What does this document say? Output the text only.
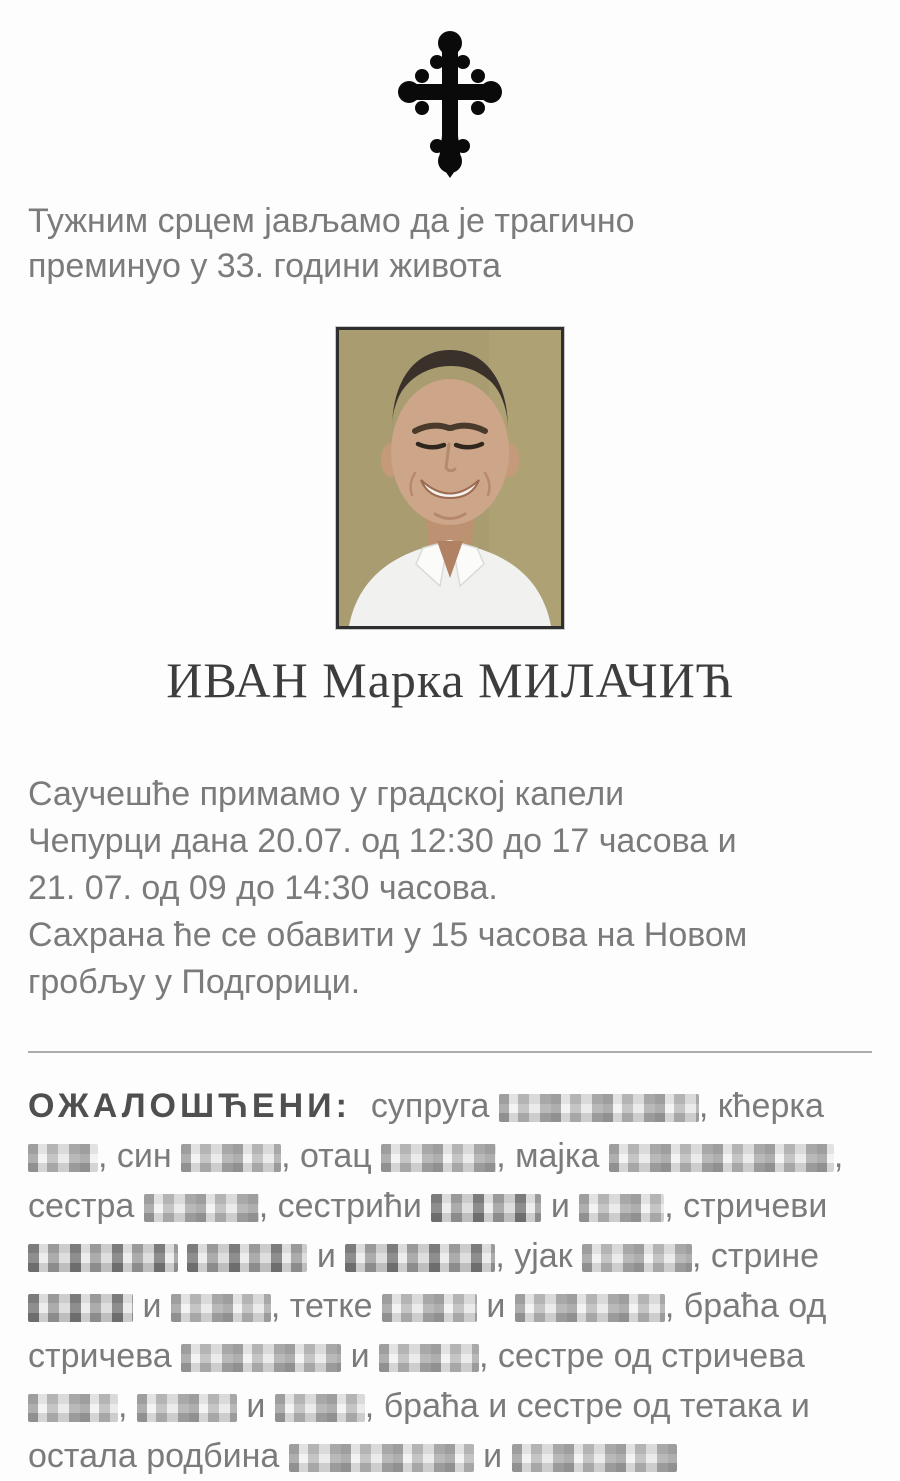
Тужним срцем јављамо да је трагично
преминуо у 33. години живота
ИВАН Марка МИЛАЧИЋ
Саучешће примамо у градској капели
Чепурци дана 20.07. од 12:30 до 17 часова и
21. 07. од 09 до 14:30 часова.
Сахрана ће се обавити у 15 часова на Новом
гробљу у Подгорици.
ОЖАЛОШЋЕНИ: супруга	, кћерка
, син	, отац	, мајка	,
сестра	, сестрићи	и	, стричеви
и	, ујак	, стрине
и	, тетке	и	, браћа од
стричева	и	, сестре од стричева
,	и	, браћа и сестре од тетака и
остала родбина	и
